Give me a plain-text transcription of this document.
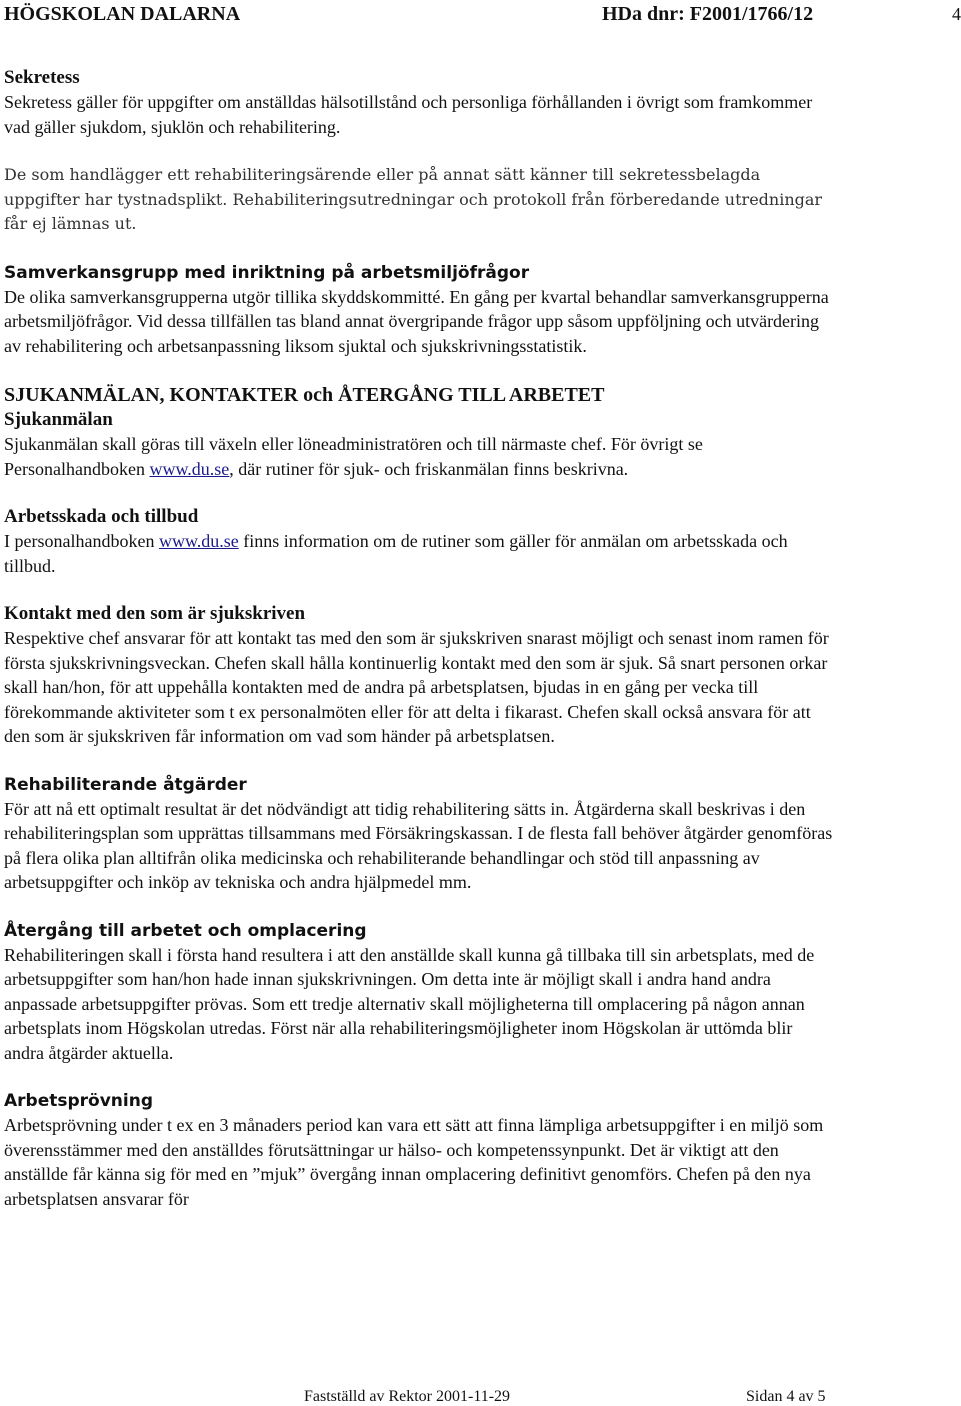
HÖGSKOLAN DALARNA	HDa dnr: F2001/1766/12	4

Sekretess

Sekretess gäller för uppgifter om anställdas hälsotillstånd och personliga förhållanden i övrigt som framkommer vad gäller sjukdom, sjuklön och rehabilitering.

De som handlägger ett rehabiliteringsärende eller på annat sätt känner till sekretessbelagda uppgifter har tystnadsplikt. Rehabiliteringsutredningar och protokoll från förberedande utredningar får ej lämnas ut.

Samverkansgrupp med inriktning på arbetsmiljöfrågor

De olika samverkansgrupperna utgör tillika skyddskommitté. En gång per kvartal behandlar samverkansgrupperna arbetsmiljöfrågor. Vid dessa tillfällen tas bland annat övergripande frågor upp såsom uppföljning och utvärdering av rehabilitering och arbetsanpassning liksom sjuktal och sjukskrivningsstatistik.

SJUKANMÄLAN, KONTAKTER och ÅTERGÅNG TILL ARBETET

Sjukanmälan

Sjukanmälan skall göras till växeln eller löneadministratören och till närmaste chef. För övrigt se Personalhandboken www.du.se, där rutiner för sjuk- och friskanmälan finns beskrivna.

Arbetsskada och tillbud

I personalhandboken www.du.se finns information om de rutiner som gäller för anmälan om arbetsskada och tillbud.

Kontakt med den som är sjukskriven

Respektive chef ansvarar för att kontakt tas med den som är sjukskriven snarast möjligt och senast inom ramen för första sjukskrivningsveckan. Chefen skall hålla kontinuerlig kontakt med den som är sjuk. Så snart personen orkar skall han/hon, för att uppehålla kontakten med de andra på arbetsplatsen, bjudas in en gång per vecka till förekommande aktiviteter som t ex personalmöten eller för att delta i fikarast. Chefen skall också ansvara för att den som är sjukskriven får information om vad som händer på arbetsplatsen.

Rehabiliterande åtgärder

För att nå ett optimalt resultat är det nödvändigt att tidig rehabilitering sätts in. Åtgärderna skall beskrivas i den rehabiliteringsplan som upprättas tillsammans med Försäkringskassan. I de flesta fall behöver åtgärder genomföras på flera olika plan alltifrån olika medicinska och rehabiliterande behandlingar och stöd till anpassning av arbetsuppgifter och inköp av tekniska och andra hjälpmedel mm.

Återgång till arbetet och omplacering

Rehabiliteringen skall i första hand resultera i att den anställde skall kunna gå tillbaka till sin arbetsplats, med de arbetsuppgifter som han/hon hade innan sjukskrivningen. Om detta inte är möjligt skall i andra hand andra anpassade arbetsuppgifter prövas. Som ett tredje alternativ skall möjligheterna till omplacering på någon annan arbetsplats inom Högskolan utredas. Först när alla rehabiliteringsmöjligheter inom Högskolan är uttömda blir andra åtgärder aktuella.

Arbetsprövning

Arbetsprövning under t ex en 3 månaders period kan vara ett sätt att finna lämpliga arbetsuppgifter i en miljö som överensstämmer med den anställdes förutsättningar ur hälso- och kompetenssynpunkt. Det är viktigt att den anställde får känna sig för med en ”mjuk” övergång innan omplacering definitivt genomförs. Chefen på den nya arbetsplatsen ansvarar för

Fastställd av Rektor 2001-11-29	Sidan 4 av 5
